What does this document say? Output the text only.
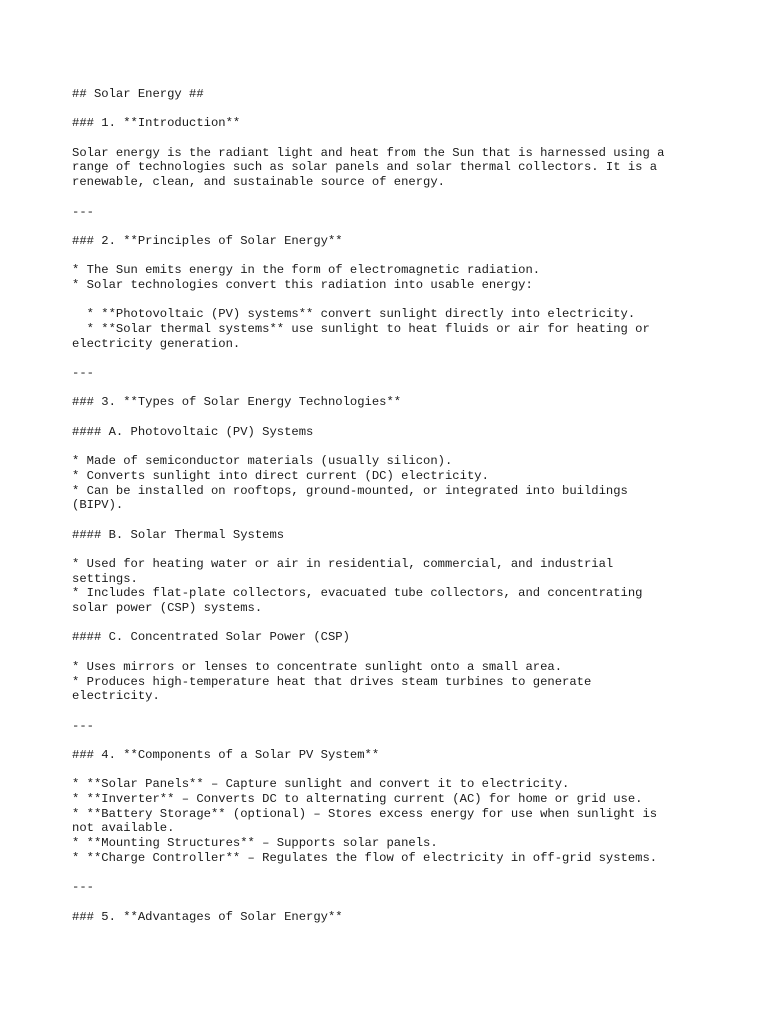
## Solar Energy ##
### 1. **Introduction**
Solar energy is the radiant light and heat from the Sun that is harnessed using a
range of technologies such as solar panels and solar thermal collectors. It is a
renewable, clean, and sustainable source of energy.
---
### 2. **Principles of Solar Energy**
* The Sun emits energy in the form of electromagnetic radiation.
* Solar technologies convert this radiation into usable energy:
* **Photovoltaic (PV) systems** convert sunlight directly into electricity.
* **Solar thermal systems** use sunlight to heat fluids or air for heating or
electricity generation.
---
### 3. **Types of Solar Energy Technologies**
#### A. Photovoltaic (PV) Systems
* Made of semiconductor materials (usually silicon).
* Converts sunlight into direct current (DC) electricity.
* Can be installed on rooftops, ground-mounted, or integrated into buildings
(BIPV).
#### B. Solar Thermal Systems
* Used for heating water or air in residential, commercial, and industrial
settings.
* Includes flat-plate collectors, evacuated tube collectors, and concentrating
solar power (CSP) systems.
#### C. Concentrated Solar Power (CSP)
* Uses mirrors or lenses to concentrate sunlight onto a small area.
* Produces high-temperature heat that drives steam turbines to generate
electricity.
---
### 4. **Components of a Solar PV System**
* **Solar Panels** – Capture sunlight and convert it to electricity.
* **Inverter** – Converts DC to alternating current (AC) for home or grid use.
* **Battery Storage** (optional) – Stores excess energy for use when sunlight is
not available.
* **Mounting Structures** – Supports solar panels.
* **Charge Controller** – Regulates the flow of electricity in off-grid systems.
---
### 5. **Advantages of Solar Energy**
